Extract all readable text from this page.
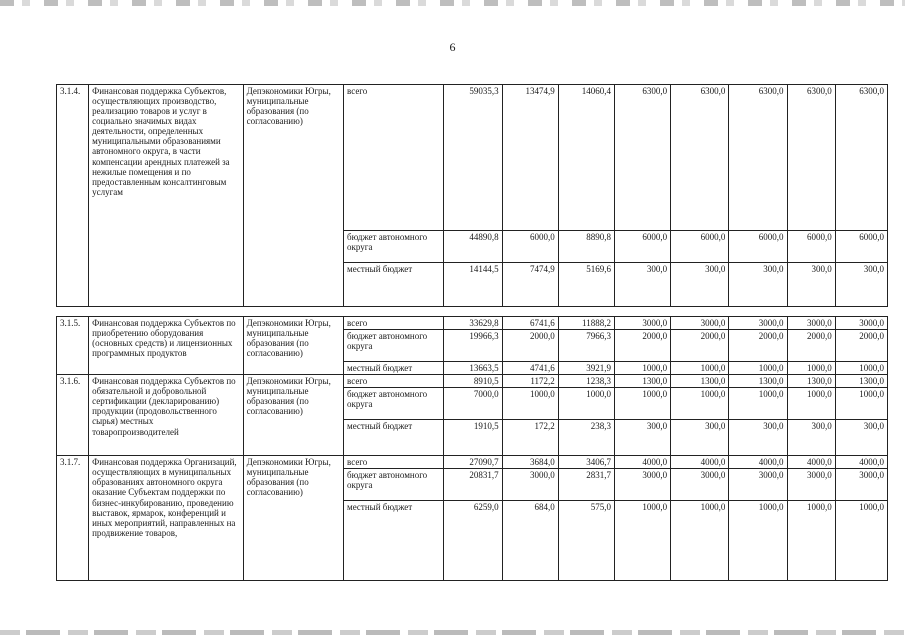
6
3.1.4.	Финансовая поддержка Субъектов, осуществляющих производство, реализацию товаров и услуг в социально значимых видах деятельности, определенных муниципальными образованиями автономного округа, в части компенсации арендных платежей за нежилые помещения и по предоставленным консалтинговым услугам	Депэкономики Югры, муниципальные образования (по согласованию)	всего	59035,3	13474,9	14060,4	6300,0	6300,0	6300,0	6300,0	6300,0
			бюджет автономного округа	44890,8	6000,0	8890,8	6000,0	6000,0	6000,0	6000,0	6000,0
			местный бюджет	14144,5	7474,9	5169,6	300,0	300,0	300,0	300,0	300,0

3.1.5.	Финансовая поддержка Субъектов по приобретению оборудования (основных средств) и лицензионных программных продуктов	Депэкономики Югры, муниципальные образования (по согласованию)	всего	33629,8	6741,6	11888,2	3000,0	3000,0	3000,0	3000,0	3000,0
			бюджет автономного округа	19966,3	2000,0	7966,3	2000,0	2000,0	2000,0	2000,0	2000,0
			местный бюджет	13663,5	4741,6	3921,9	1000,0	1000,0	1000,0	1000,0	1000,0
3.1.6.	Финансовая поддержка Субъектов по обязательной и добровольной сертификации (декларированию) продукции (продовольственного сырья) местных товаропроизводителей	Депэкономики Югры, муниципальные образования (по согласованию)	всего	8910,5	1172,2	1238,3	1300,0	1300,0	1300,0	1300,0	1300,0
			бюджет автономного округа	7000,0	1000,0	1000,0	1000,0	1000,0	1000,0	1000,0	1000,0
			местный бюджет	1910,5	172,2	238,3	300,0	300,0	300,0	300,0	300,0
3.1.7.	Финансовая поддержка Организаций, осуществляющих в муниципальных образованиях автономного округа оказание Субъектам поддержки по бизнес-инкубированию, проведению выставок, ярмарок, конференций и иных мероприятий, направленных на продвижение товаров,	Депэкономики Югры, муниципальные образования (по согласованию)	всего	27090,7	3684,0	3406,7	4000,0	4000,0	4000,0	4000,0	4000,0
			бюджет автономного округа	20831,7	3000,0	2831,7	3000,0	3000,0	3000,0	3000,0	3000,0
			местный бюджет	6259,0	684,0	575,0	1000,0	1000,0	1000,0	1000,0	1000,0
